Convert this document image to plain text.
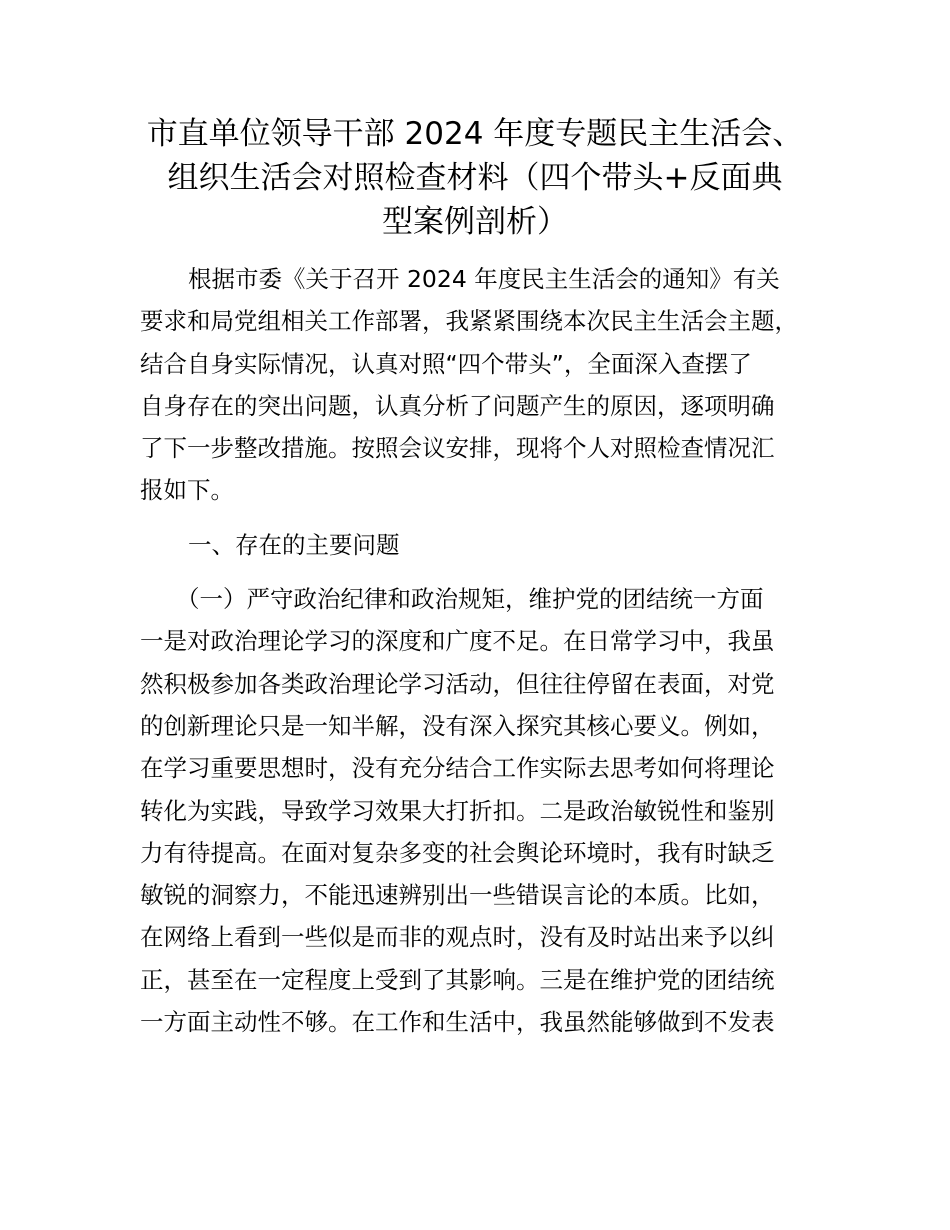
市直单位领导干部 2024 年度专题民主生活会、
组织生活会对照检查材料（四个带头+反面典
型案例剖析）
根据市委《关于召开 2024 年度民主生活会的通知》有关
要求和局党组相关工作部署，我紧紧围绕本次民主生活会主题，
结合自身实际情况，认真对照“四个带头”，全面深入查摆了
自身存在的突出问题，认真分析了问题产生的原因，逐项明确
了下一步整改措施。按照会议安排，现将个人对照检查情况汇
报如下。
一、存在的主要问题
（一）严守政治纪律和政治规矩，维护党的团结统一方面
一是对政治理论学习的深度和广度不足。在日常学习中，我虽
然积极参加各类政治理论学习活动，但往往停留在表面，对党
的创新理论只是一知半解，没有深入探究其核心要义。例如，
在学习重要思想时，没有充分结合工作实际去思考如何将理论
转化为实践，导致学习效果大打折扣。二是政治敏锐性和鉴别
力有待提高。在面对复杂多变的社会舆论环境时，我有时缺乏
敏锐的洞察力，不能迅速辨别出一些错误言论的本质。比如，
在网络上看到一些似是而非的观点时，没有及时站出来予以纠
正，甚至在一定程度上受到了其影响。三是在维护党的团结统
一方面主动性不够。在工作和生活中，我虽然能够做到不发表
